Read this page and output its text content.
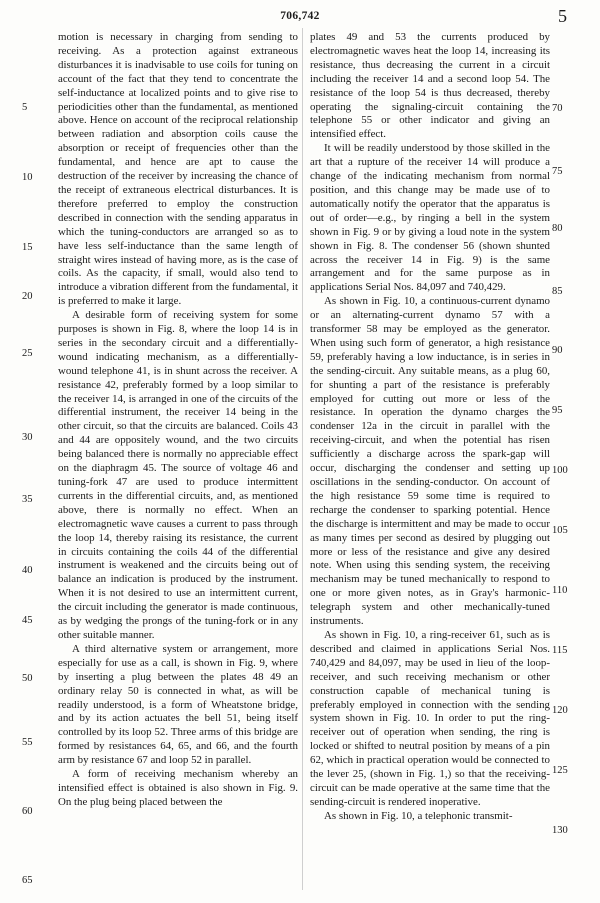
706,742	5

motion is necessary in charging from sending to receiving. As a protection against extraneous disturbances it is inadvisable to use coils for tuning on account of the fact that they tend to concentrate the self-inductance at localized points and to give rise to periodicities other than the fundamental, as mentioned above. Hence on account of the reciprocal relationship between radiation and absorption coils cause the absorption or receipt of frequencies other than the fundamental, and hence are apt to cause the destruction of the receiver by increasing the chance of the receipt of extraneous electrical disturbances. It is therefore preferred to employ the construction described in connection with the sending apparatus in which the tuning-conductors are arranged so as to have less self-inductance than the same length of straight wires instead of having more, as is the case of coils. As the capacity, if small, would also tend to introduce a vibration different from the fundamental, it is preferred to make it large.

A desirable form of receiving system for some purposes is shown in Fig. 8, where the loop 14 is in series in the secondary circuit and a differentially-wound indicating mechanism, as a differentially-wound telephone 41, is in shunt across the receiver. A resistance 42, preferably formed by a loop similar to the receiver 14, is arranged in one of the circuits of the differential instrument, the receiver 14 being in the other circuit, so that the circuits are balanced. Coils 43 and 44 are oppositely wound, and the two circuits being balanced there is normally no appreciable effect on the diaphragm 45. The source of voltage 46 and tuning-fork 47 are used to produce intermittent currents in the differential circuits, and, as mentioned above, there is normally no effect. When an electromagnetic wave causes a current to pass through the loop 14, thereby raising its resistance, the current in circuits containing the coils 44 of the differential instrument is weakened and the circuits being out of balance an indication is produced by the instrument. When it is not desired to use an intermittent current, the circuit including the generator is made continuous, as by wedging the prongs of the tuning-fork or in any other suitable manner.

A third alternative system or arrangement, more especially for use as a call, is shown in Fig. 9, where by inserting a plug between the plates 48 49 an ordinary relay 50 is connected in what, as will be readily understood, is a form of Wheatstone bridge, and by its action actuates the bell 51, being itself controlled by its loop 52. Three arms of this bridge are formed by resistances 64, 65, and 66, and the fourth arm by resistance 67 and loop 52 in parallel.

A form of receiving mechanism whereby an intensified effect is obtained is also shown in Fig. 9. On the plug being placed between the

plates 49 and 53 the currents produced by electromagnetic waves heat the loop 14, increasing its resistance, thus decreasing the current in a circuit including the receiver 14 and a second loop 54. The resistance of the loop 54 is thus decreased, thereby operating the signaling-circuit containing the telephone 55 or other indicator and giving an intensified effect.

It will be readily understood by those skilled in the art that a rupture of the receiver 14 will produce a change of the indicating mechanism from normal position, and this change may be made use of to automatically notify the operator that the apparatus is out of order—e.g., by ringing a bell in the system shown in Fig. 9 or by giving a loud note in the system shown in Fig. 8. The condenser 56 (shown shunted across the receiver 14 in Fig. 9) is the same arrangement and for the same purpose as in applications Serial Nos. 84,097 and 740,429.

As shown in Fig. 10, a continuous-current dynamo or an alternating-current dynamo 57 with a transformer 58 may be employed as the generator. When using such form of generator, a high resistance 59, preferably having a low inductance, is in series in the sending-circuit. Any suitable means, as a plug 60, for shunting a part of the resistance is preferably employed for cutting out more or less of the resistance. In operation the dynamo charges the condenser 12a in the circuit in parallel with the receiving-circuit, and when the potential has risen sufficiently a discharge across the spark-gap will occur, discharging the condenser and setting up oscillations in the sending-conductor. On account of the high resistance 59 some time is required to recharge the condenser to sparking potential. Hence the discharge is intermittent and may be made to occur as many times per second as desired by plugging out more or less of the resistance and give any desired note. When using this sending system, the receiving mechanism may be tuned mechanically to respond to one or more given notes, as in Gray's harmonic-telegraph system and other mechanically-tuned instruments.

As shown in Fig. 10, a ring-receiver 61, such as is described and claimed in applications Serial Nos. 740,429 and 84,097, may be used in lieu of the loop-receiver, and such receiving mechanism or other construction capable of mechanical tuning is preferably employed in connection with the sending system shown in Fig. 10. In order to put the ring-receiver out of operation when sending, the ring is locked or shifted to neutral position by means of a pin 62, which in practical operation would be connected to the lever 25, (shown in Fig. 1,) so that the receiving-circuit can be made operative at the same time that the sending-circuit is rendered inoperative.

As shown in Fig. 10, a telephonic transmit-

5
10
15
20
25
30
35
40
45
50
55
60
65
70
75
80
85
90
95
100
105
110
115
120
125
130
